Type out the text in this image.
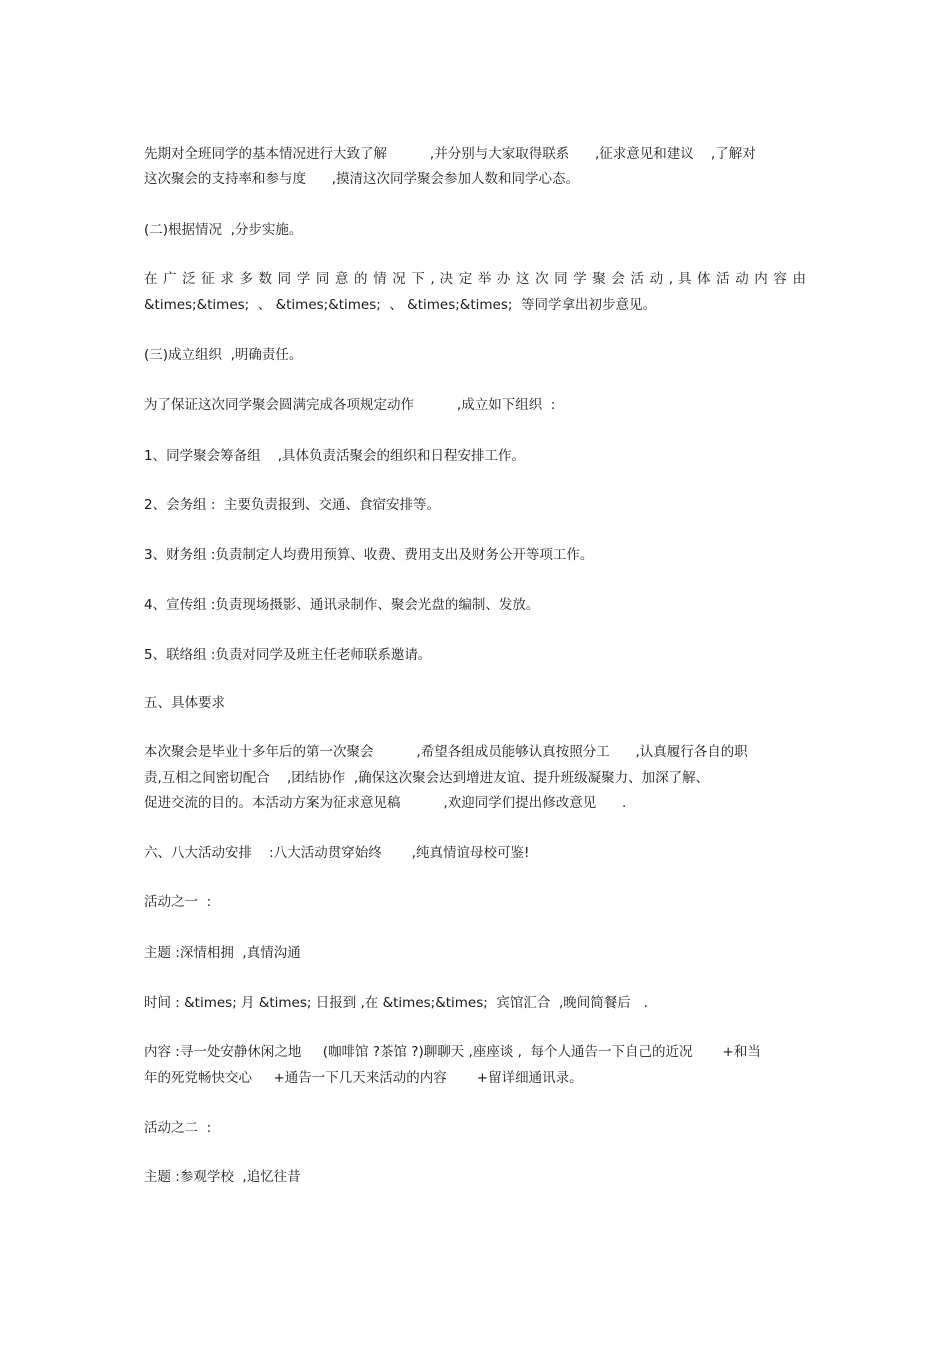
先期对全班同学的基本情况进行大致了解          ,并分别与大家取得联系      ,征求意见和建议    ,了解对
这次聚会的支持率和参与度      ,摸清这次同学聚会参加人数和同学心态。
(二)根据情况  ,分步实施。
在 广 泛 征 求 多 数 同 学 同 意 的 情 况 下 , 决 定 举 办 这 次 同 学 聚 会 活 动 , 具 体 活 动 内 容 由
&times;&times;  、 &times;&times;  、 &times;&times;  等同学拿出初步意见。
(三)成立组织  ,明确责任。
为了保证这次同学聚会圆满完成各项规定动作          ,成立如下组织  :
1、同学聚会筹备组    ,具体负责活聚会的组织和日程安排工作。
2、会务组 :  主要负责报到、交通、食宿安排等。
3、财务组 :负责制定人均费用预算、收费、费用支出及财务公开等项工作。
4、宣传组 :负责现场摄影、通讯录制作、聚会光盘的编制、发放。
5、联络组 :负责对同学及班主任老师联系邀请。
五、具体要求
本次聚会是毕业十多年后的第一次聚会          ,希望各组成员能够认真按照分工      ,认真履行各自的职
责,互相之间密切配合    ,团结协作  ,确保这次聚会达到增进友谊、提升班级凝聚力、加深了解、
促进交流的目的。本活动方案为征求意见稿          ,欢迎同学们提出修改意见      .
六、八大活动安排    :八大活动贯穿始终       ,纯真情谊母校可鉴!
活动之一  :
主题 :深情相拥  ,真情沟通
时间 : &times; 月 &times; 日报到 ,在 &times;&times;  宾馆汇合  ,晚间简餐后   .
内容 :寻一处安静休闲之地     (咖啡馆 ?茶馆 ?)聊聊天 ,座座谈 ,  每个人通告一下自己的近况       +和当
年的死党畅快交心     +通告一下几天来活动的内容       +留详细通讯录。
活动之二  :
主题 :参观学校  ,追忆往昔
